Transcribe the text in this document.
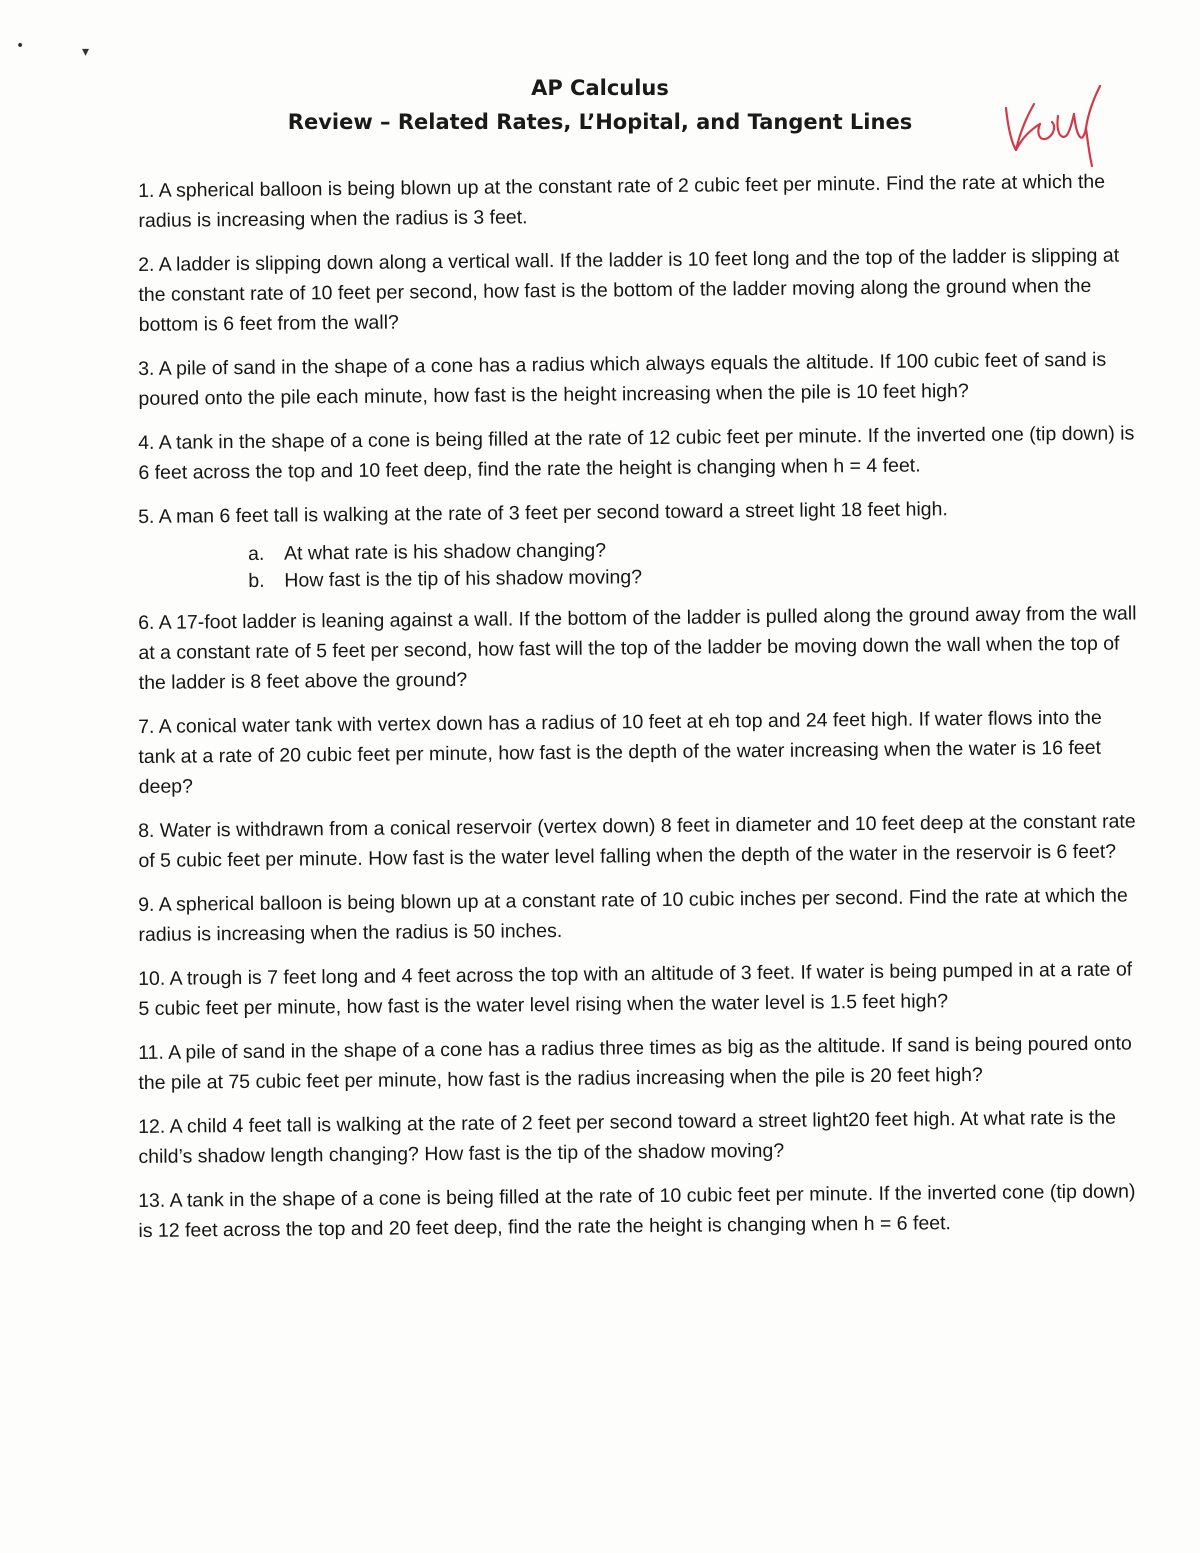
•	▾
AP Calculus
Review – Related Rates, L’Hopital, and Tangent Lines

1. A spherical balloon is being blown up at the constant rate of 2 cubic feet per minute. Find the rate at which the radius is increasing when the radius is 3 feet.

2. A ladder is slipping down along a vertical wall. If the ladder is 10 feet long and the top of the ladder is slipping at the constant rate of 10 feet per second, how fast is the bottom of the ladder moving along the ground when the bottom is 6 feet from the wall?

3. A pile of sand in the shape of a cone has a radius which always equals the altitude. If 100 cubic feet of sand is poured onto the pile each minute, how fast is the height increasing when the pile is 10 feet high?

4. A tank in the shape of a cone is being filled at the rate of 12 cubic feet per minute. If the inverted one (tip down) is 6 feet across the top and 10 feet deep, find the rate the height is changing when h = 4 feet.

5. A man 6 feet tall is walking at the rate of 3 feet per second toward a street light 18 feet high.

a.	At what rate is his shadow changing?
b.	How fast is the tip of his shadow moving?

6. A 17-foot ladder is leaning against a wall. If the bottom of the ladder is pulled along the ground away from the wall at a constant rate of 5 feet per second, how fast will the top of the ladder be moving down the wall when the top of the ladder is 8 feet above the ground?

7. A conical water tank with vertex down has a radius of 10 feet at eh top and 24 feet high. If water flows into the tank at a rate of 20 cubic feet per minute, how fast is the depth of the water increasing when the water is 16 feet deep?

8. Water is withdrawn from a conical reservoir (vertex down) 8 feet in diameter and 10 feet deep at the constant rate of 5 cubic feet per minute. How fast is the water level falling when the depth of the water in the reservoir is 6 feet?

9. A spherical balloon is being blown up at a constant rate of 10 cubic inches per second. Find the rate at which the radius is increasing when the radius is 50 inches.

10. A trough is 7 feet long and 4 feet across the top with an altitude of 3 feet. If water is being pumped in at a rate of 5 cubic feet per minute, how fast is the water level rising when the water level is 1.5 feet high?

11. A pile of sand in the shape of a cone has a radius three times as big as the altitude. If sand is being poured onto the pile at 75 cubic feet per minute, how fast is the radius increasing when the pile is 20 feet high?

12. A child 4 feet tall is walking at the rate of 2 feet per second toward a street light20 feet high. At what rate is the child’s shadow length changing? How fast is the tip of the shadow moving?

13. A tank in the shape of a cone is being filled at the rate of 10 cubic feet per minute. If the inverted cone (tip down) is 12 feet across the top and 20 feet deep, find the rate the height is changing when h = 6 feet.
